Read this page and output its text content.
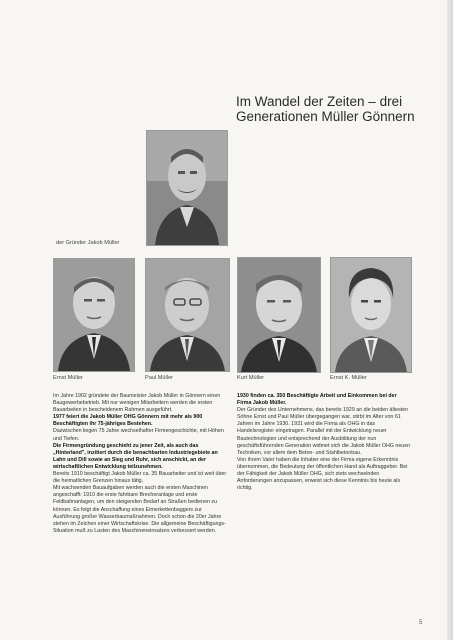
Im Wandel der Zeiten – drei
Generationen Müller Gönnern
der Gründer Jakob Müller
Ernst Müller	Paul Müller	Kurt Müller	Ernst K. Müller

Im Jahre 1902 gründete der Baumeister Jakob Müller in Gönnern einen Baugewerbebetrieb. Mit nur wenigen Mitarbeitern werden die ersten Bauarbeiten in bescheidenem Rahmen ausgeführt.

1977 feiert die Jakob Müller OHG Gönnern mit mehr als 900 Beschäftigten ihr 75-jähriges Bestehen.

Dazwischen liegen 75 Jahre wechselhafter Firmengeschichte, mit Höhen und Tiefen.

Die Firmengründung geschieht zu jener Zeit, als auch das „Hinterland", inzitiert durch die benachbarten Industriegebiete an Lahn und Dill sowie an Sieg und Ruhr, sich anschickt, an der wirtschaftlichen Entwicklung teilzunehmen.

Bereits 1910 beschäftigt Jakob Müller ca. 35 Bauarbeiter und ist weit über die heimatlichen Grenzen hinaus tätig.

Mit wachsenden Bauaufgaben werden auch die ersten Maschinen angeschafft: 1910 die erste fahrbare Brecheranlage und erste Feldbahnanlagen, um den steigenden Bedarf an Straßen bedienen zu können. Es folgt die Anschaffung eines Eimerkettenbaggers zur Ausführung großer Wasserbaumaßnahmen. Doch schon die 20er Jahre stehen im Zeichen einer Wirtschaftskrise. Die allgemeine Beschäftigungs-Situation muß zu Lasten des Maschineneinsatzes verbessert werden.

1930 finden ca. 350 Beschäftigte Arbeit und Einkommen bei der Firma Jakob Müller.

Der Gründer des Unternehmens, das bereits 1929 an die beiden ältesten Söhne Ernst und Paul Müller übergegangen war, stirbt im Alter von 61 Jahren im Jahre 1930. 1931 wird die Firma als OHG in das Handelsregister eingetragen. Parallel mit der Entwicklung neuer Bautechnologien und entsprechend der Ausbildung der nun geschäftsführenden Generation widmet sich die Jakob Müller OHG neuen Techniken, vor allem dem Beton- und Stahlbetonbau.

Von ihrem Vater haben die Inhaber eine der Firma eigene Erkenntnis übernommen, die Bedeutung der öffentlichen Hand als Auftraggeber. Bei der Fähigkeit der Jakob Müller OHG, sich stets wechselnden Anforderungen anzupassen, erweist sich diese Kenntnis bis heute als richtig.

5
